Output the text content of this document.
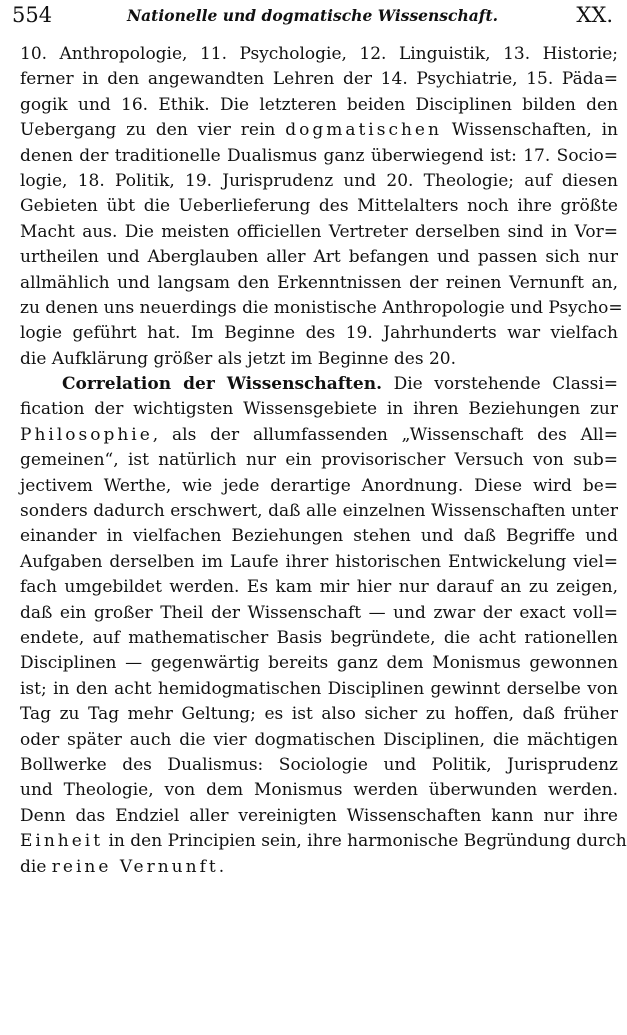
554	Nationelle und dogmatische Wissenschaft.	XX.
10. Anthropologie, 11. Psychologie, 12. Linguistik, 13. Historie;
ferner in den angewandten Lehren der 14. Psychiatrie, 15. Päda=
gogik und 16. Ethik. Die letzteren beiden Disciplinen bilden den
Uebergang zu den vier rein dogmatischen Wissenschaften, in
denen der traditionelle Dualismus ganz überwiegend ist: 17. Socio=
logie, 18. Politik, 19. Jurisprudenz und 20. Theologie; auf diesen
Gebieten übt die Ueberlieferung des Mittelalters noch ihre größte
Macht aus. Die meisten officiellen Vertreter derselben sind in Vor=
urtheilen und Aberglauben aller Art befangen und passen sich nur
allmählich und langsam den Erkenntnissen der reinen Vernunft an,
zu denen uns neuerdings die monistische Anthropologie und Psycho=
logie geführt hat. Im Beginne des 19. Jahrhunderts war vielfach
die Aufklärung größer als jetzt im Beginne des 20.
Correlation der Wissenschaften. Die vorstehende Classi=
fication der wichtigsten Wissensgebiete in ihren Beziehungen zur
Philosophie, als der allumfassenden „Wissenschaft des All=
gemeinen“, ist natürlich nur ein provisorischer Versuch von sub=
jectivem Werthe, wie jede derartige Anordnung. Diese wird be=
sonders dadurch erschwert, daß alle einzelnen Wissenschaften unter
einander in vielfachen Beziehungen stehen und daß Begriffe und
Aufgaben derselben im Laufe ihrer historischen Entwickelung viel=
fach umgebildet werden. Es kam mir hier nur darauf an zu zeigen,
daß ein großer Theil der Wissenschaft — und zwar der exact voll=
endete, auf mathematischer Basis begründete, die acht rationellen
Disciplinen — gegenwärtig bereits ganz dem Monismus gewonnen
ist; in den acht hemidogmatischen Disciplinen gewinnt derselbe von
Tag zu Tag mehr Geltung; es ist also sicher zu hoffen, daß früher
oder später auch die vier dogmatischen Disciplinen, die mächtigen
Bollwerke des Dualismus: Sociologie und Politik, Jurisprudenz
und Theologie, von dem Monismus werden überwunden werden.
Denn das Endziel aller vereinigten Wissenschaften kann nur ihre
Einheit in den Principien sein, ihre harmonische Begründung durch
die reine Vernunft.
